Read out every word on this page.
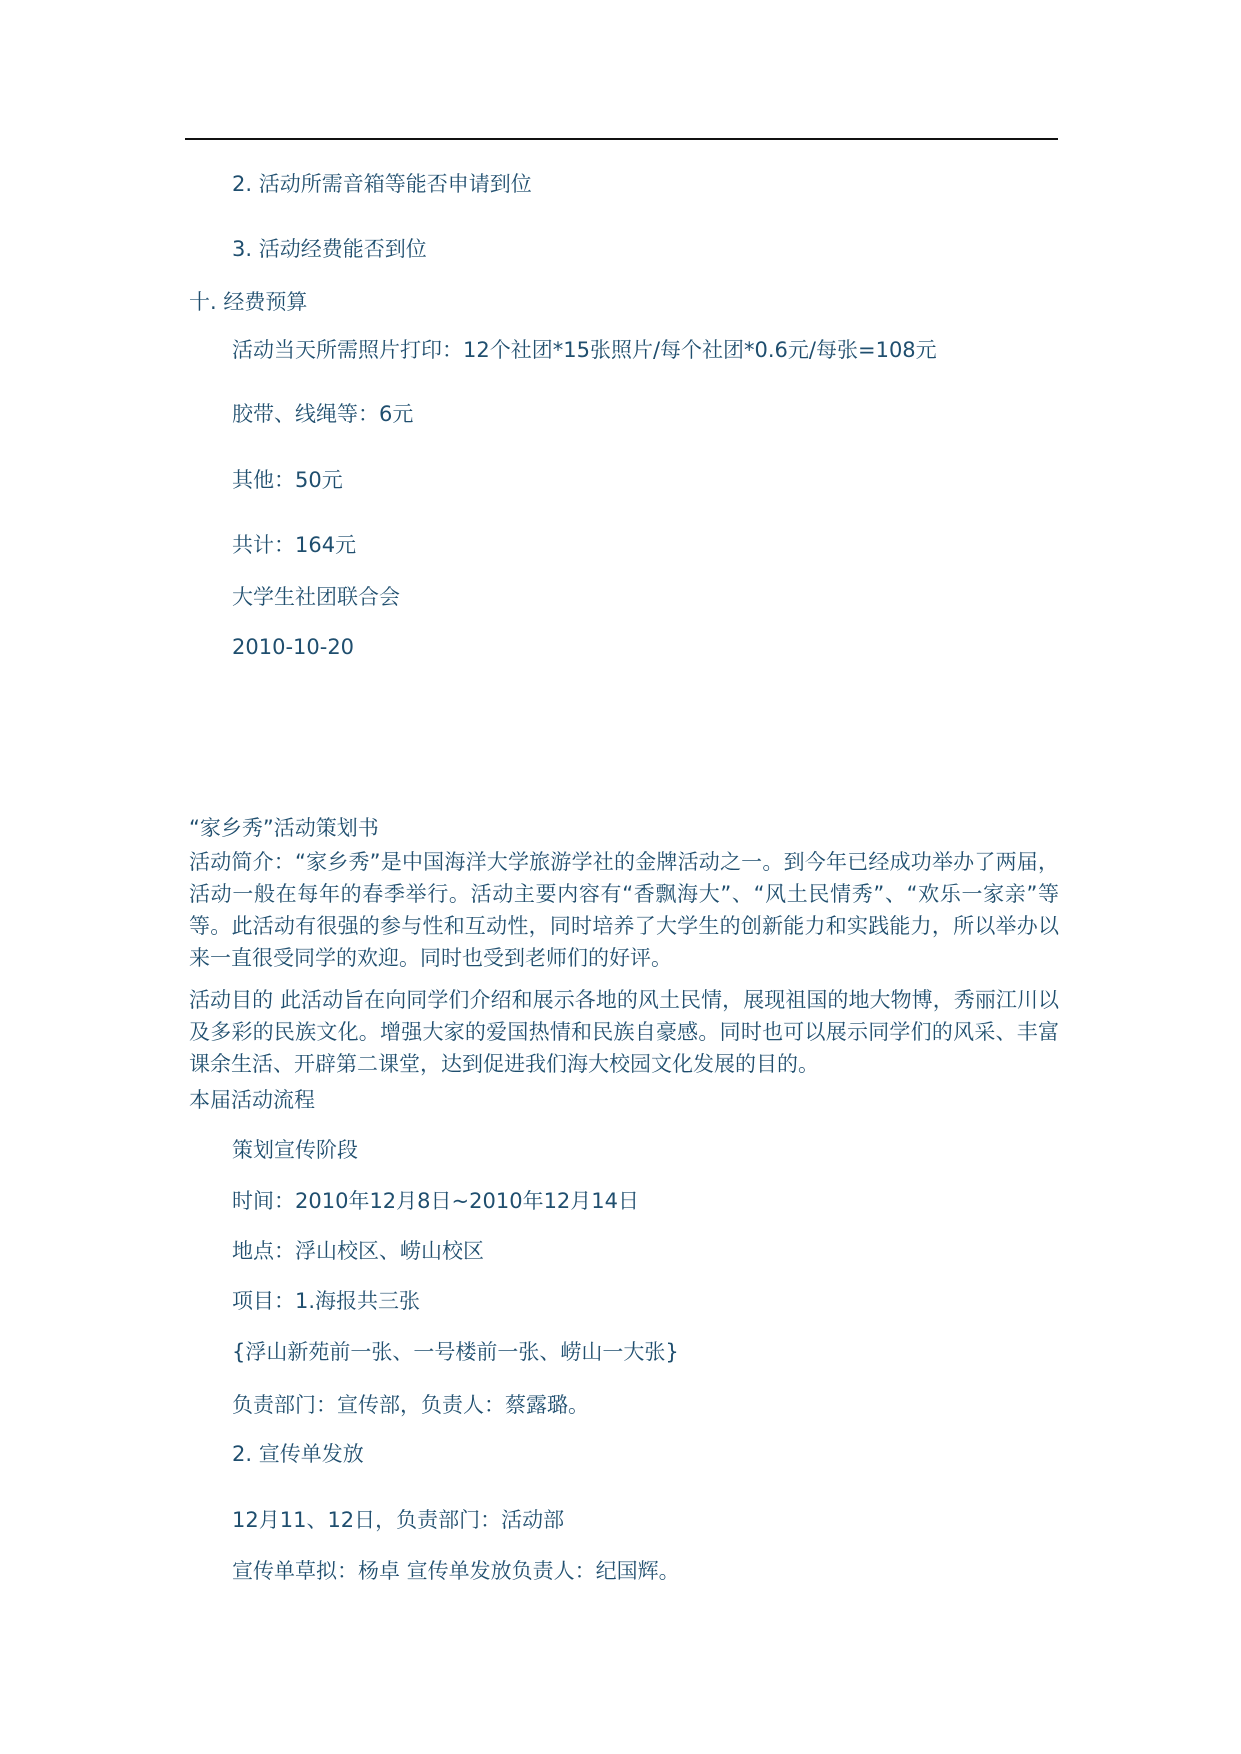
2. 活动所需音箱等能否申请到位
3. 活动经费能否到位
十. 经费预算
活动当天所需照片打印：12个社团*15张照片/每个社团*0.6元/每张=108元
胶带、线绳等：6元
其他：50元
共计：164元
大学生社团联合会
2010-10-20
“家乡秀”活动策划书
活动简介：“家乡秀”是中国海洋大学旅游学社的金牌活动之一。到今年已经成功举办了两届，活动一般在每年的春季举行。活动主要内容有“香飘海大”、“风土民情秀”、“欢乐一家亲”等等。此活动有很强的参与性和互动性，同时培养了大学生的创新能力和实践能力，所以举办以来一直很受同学的欢迎。同时也受到老师们的好评。
活动目的 此活动旨在向同学们介绍和展示各地的风土民情，展现祖国的地大物博，秀丽江川以及多彩的民族文化。增强大家的爱国热情和民族自豪感。同时也可以展示同学们的风采、丰富课余生活、开辟第二课堂，达到促进我们海大校园文化发展的目的。
本届活动流程
策划宣传阶段
时间：2010年12月8日~2010年12月14日
地点：浮山校区、崂山校区
项目：1.海报共三张
{浮山新苑前一张、一号楼前一张、崂山一大张}
负责部门：宣传部，负责人：蔡露璐。
2. 宣传单发放
12月11、12日，负责部门：活动部
宣传单草拟：杨卓 宣传单发放负责人：纪国辉。
